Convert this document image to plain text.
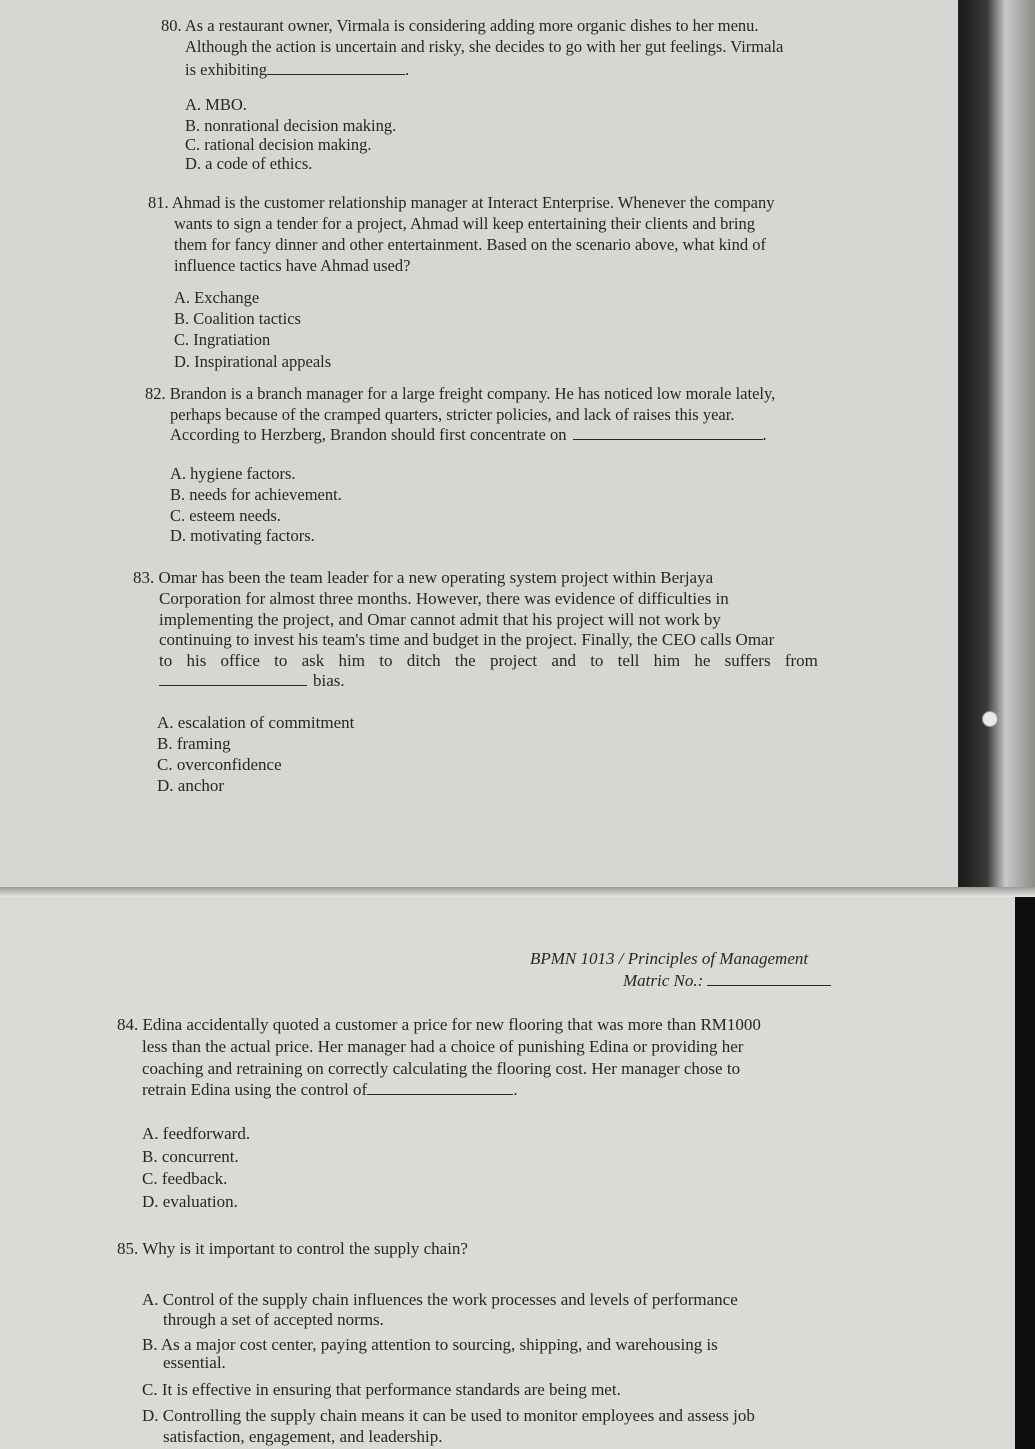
80. As a restaurant owner, Virmala is considering adding more organic dishes to her menu.
Although the action is uncertain and risky, she decides to go with her gut feelings. Virmala
is exhibiting	.
A. MBO.
B. nonrational decision making.
C. rational decision making.
D. a code of ethics.
81. Ahmad is the customer relationship manager at Interact Enterprise. Whenever the company
wants to sign a tender for a project, Ahmad will keep entertaining their clients and bring
them for fancy dinner and other entertainment. Based on the scenario above, what kind of
influence tactics have Ahmad used?
A. Exchange
B. Coalition tactics
C. Ingratiation
D. Inspirational appeals
82. Brandon is a branch manager for a large freight company. He has noticed low morale lately,
perhaps because of the cramped quarters, stricter policies, and lack of raises this year.
According to Herzberg, Brandon should first concentrate on	.
A. hygiene factors.
B. needs for achievement.
C. esteem needs.
D. motivating factors.
83. Omar has been the team leader for a new operating system project within Berjaya
Corporation for almost three months. However, there was evidence of difficulties in
implementing the project, and Omar cannot admit that his project will not work by
continuing to invest his team's time and budget in the project. Finally, the CEO calls Omar
to his office to ask him to ditch the project and to tell him he suffers from
bias.
A. escalation of commitment
B. framing
C. overconfidence
D. anchor
BPMN 1013 / Principles of Management
Matric No.:
84. Edina accidentally quoted a customer a price for new flooring that was more than RM1000
less than the actual price. Her manager had a choice of punishing Edina or providing her
coaching and retraining on correctly calculating the flooring cost. Her manager chose to
retrain Edina using the control of	.
A. feedforward.
B. concurrent.
C. feedback.
D. evaluation.
85. Why is it important to control the supply chain?
A. Control of the supply chain influences the work processes and levels of performance
through a set of accepted norms.
B. As a major cost center, paying attention to sourcing, shipping, and warehousing is
essential.
C. It is effective in ensuring that performance standards are being met.
D. Controlling the supply chain means it can be used to monitor employees and assess job
satisfaction, engagement, and leadership.
